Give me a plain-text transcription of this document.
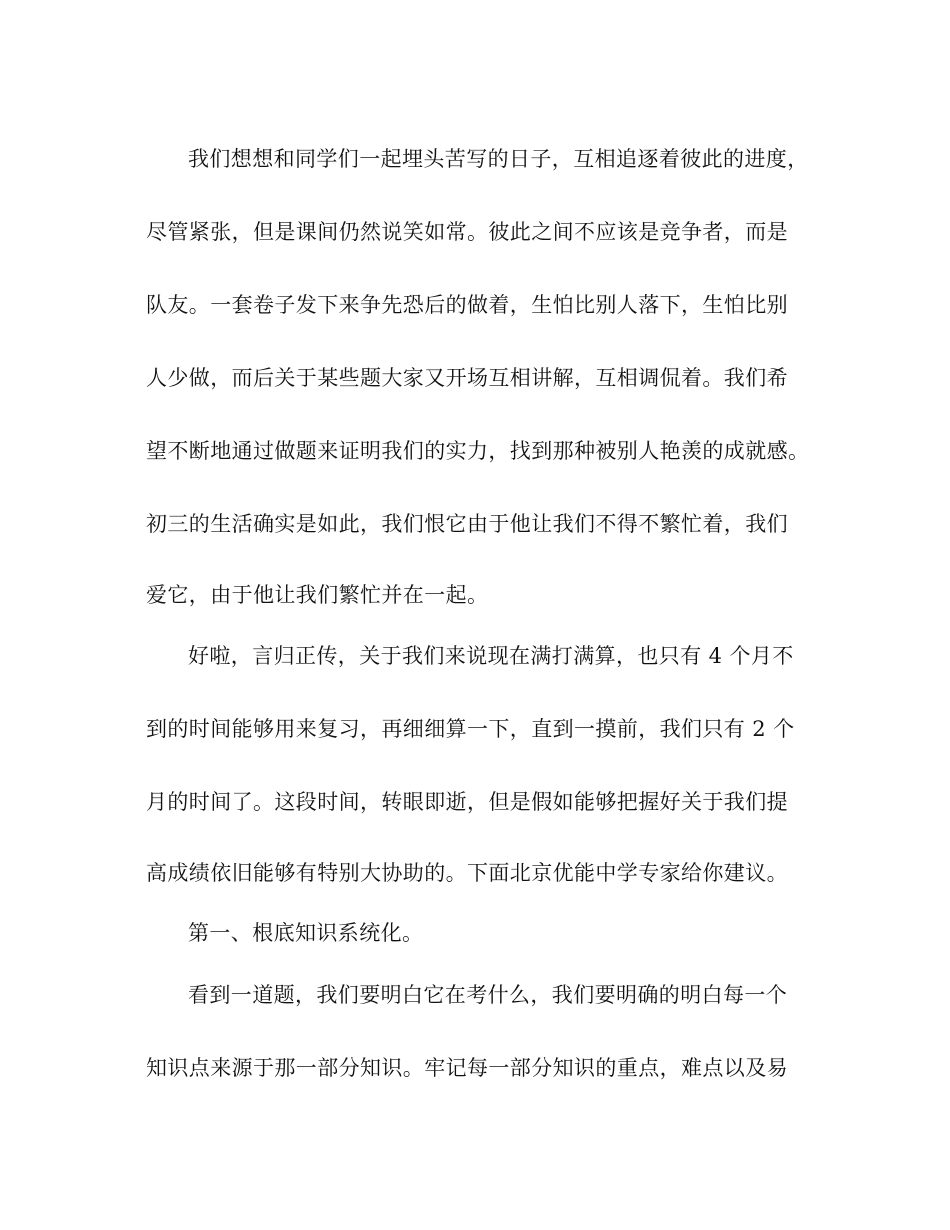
我们想想和同学们一起埋头苦写的日子，互相追逐着彼此的进度，
尽管紧张，但是课间仍然说笑如常。彼此之间不应该是竞争者，而是
队友。一套卷子发下来争先恐后的做着，生怕比别人落下，生怕比别
人少做，而后关于某些题大家又开场互相讲解，互相调侃着。我们希
望不断地通过做题来证明我们的实力，找到那种被别人艳羡的成就感。
初三的生活确实是如此，我们恨它由于他让我们不得不繁忙着，我们
爱它，由于他让我们繁忙并在一起。
好啦，言归正传，关于我们来说现在满打满算，也只有 4 个月不
到的时间能够用来复习，再细细算一下，直到一摸前，我们只有 2 个
月的时间了。这段时间，转眼即逝，但是假如能够把握好关于我们提
高成绩依旧能够有特别大协助的。下面北京优能中学专家给你建议。
第一、根底知识系统化。
看到一道题，我们要明白它在考什么，我们要明确的明白每一个
知识点来源于那一部分知识。牢记每一部分知识的重点，难点以及易
